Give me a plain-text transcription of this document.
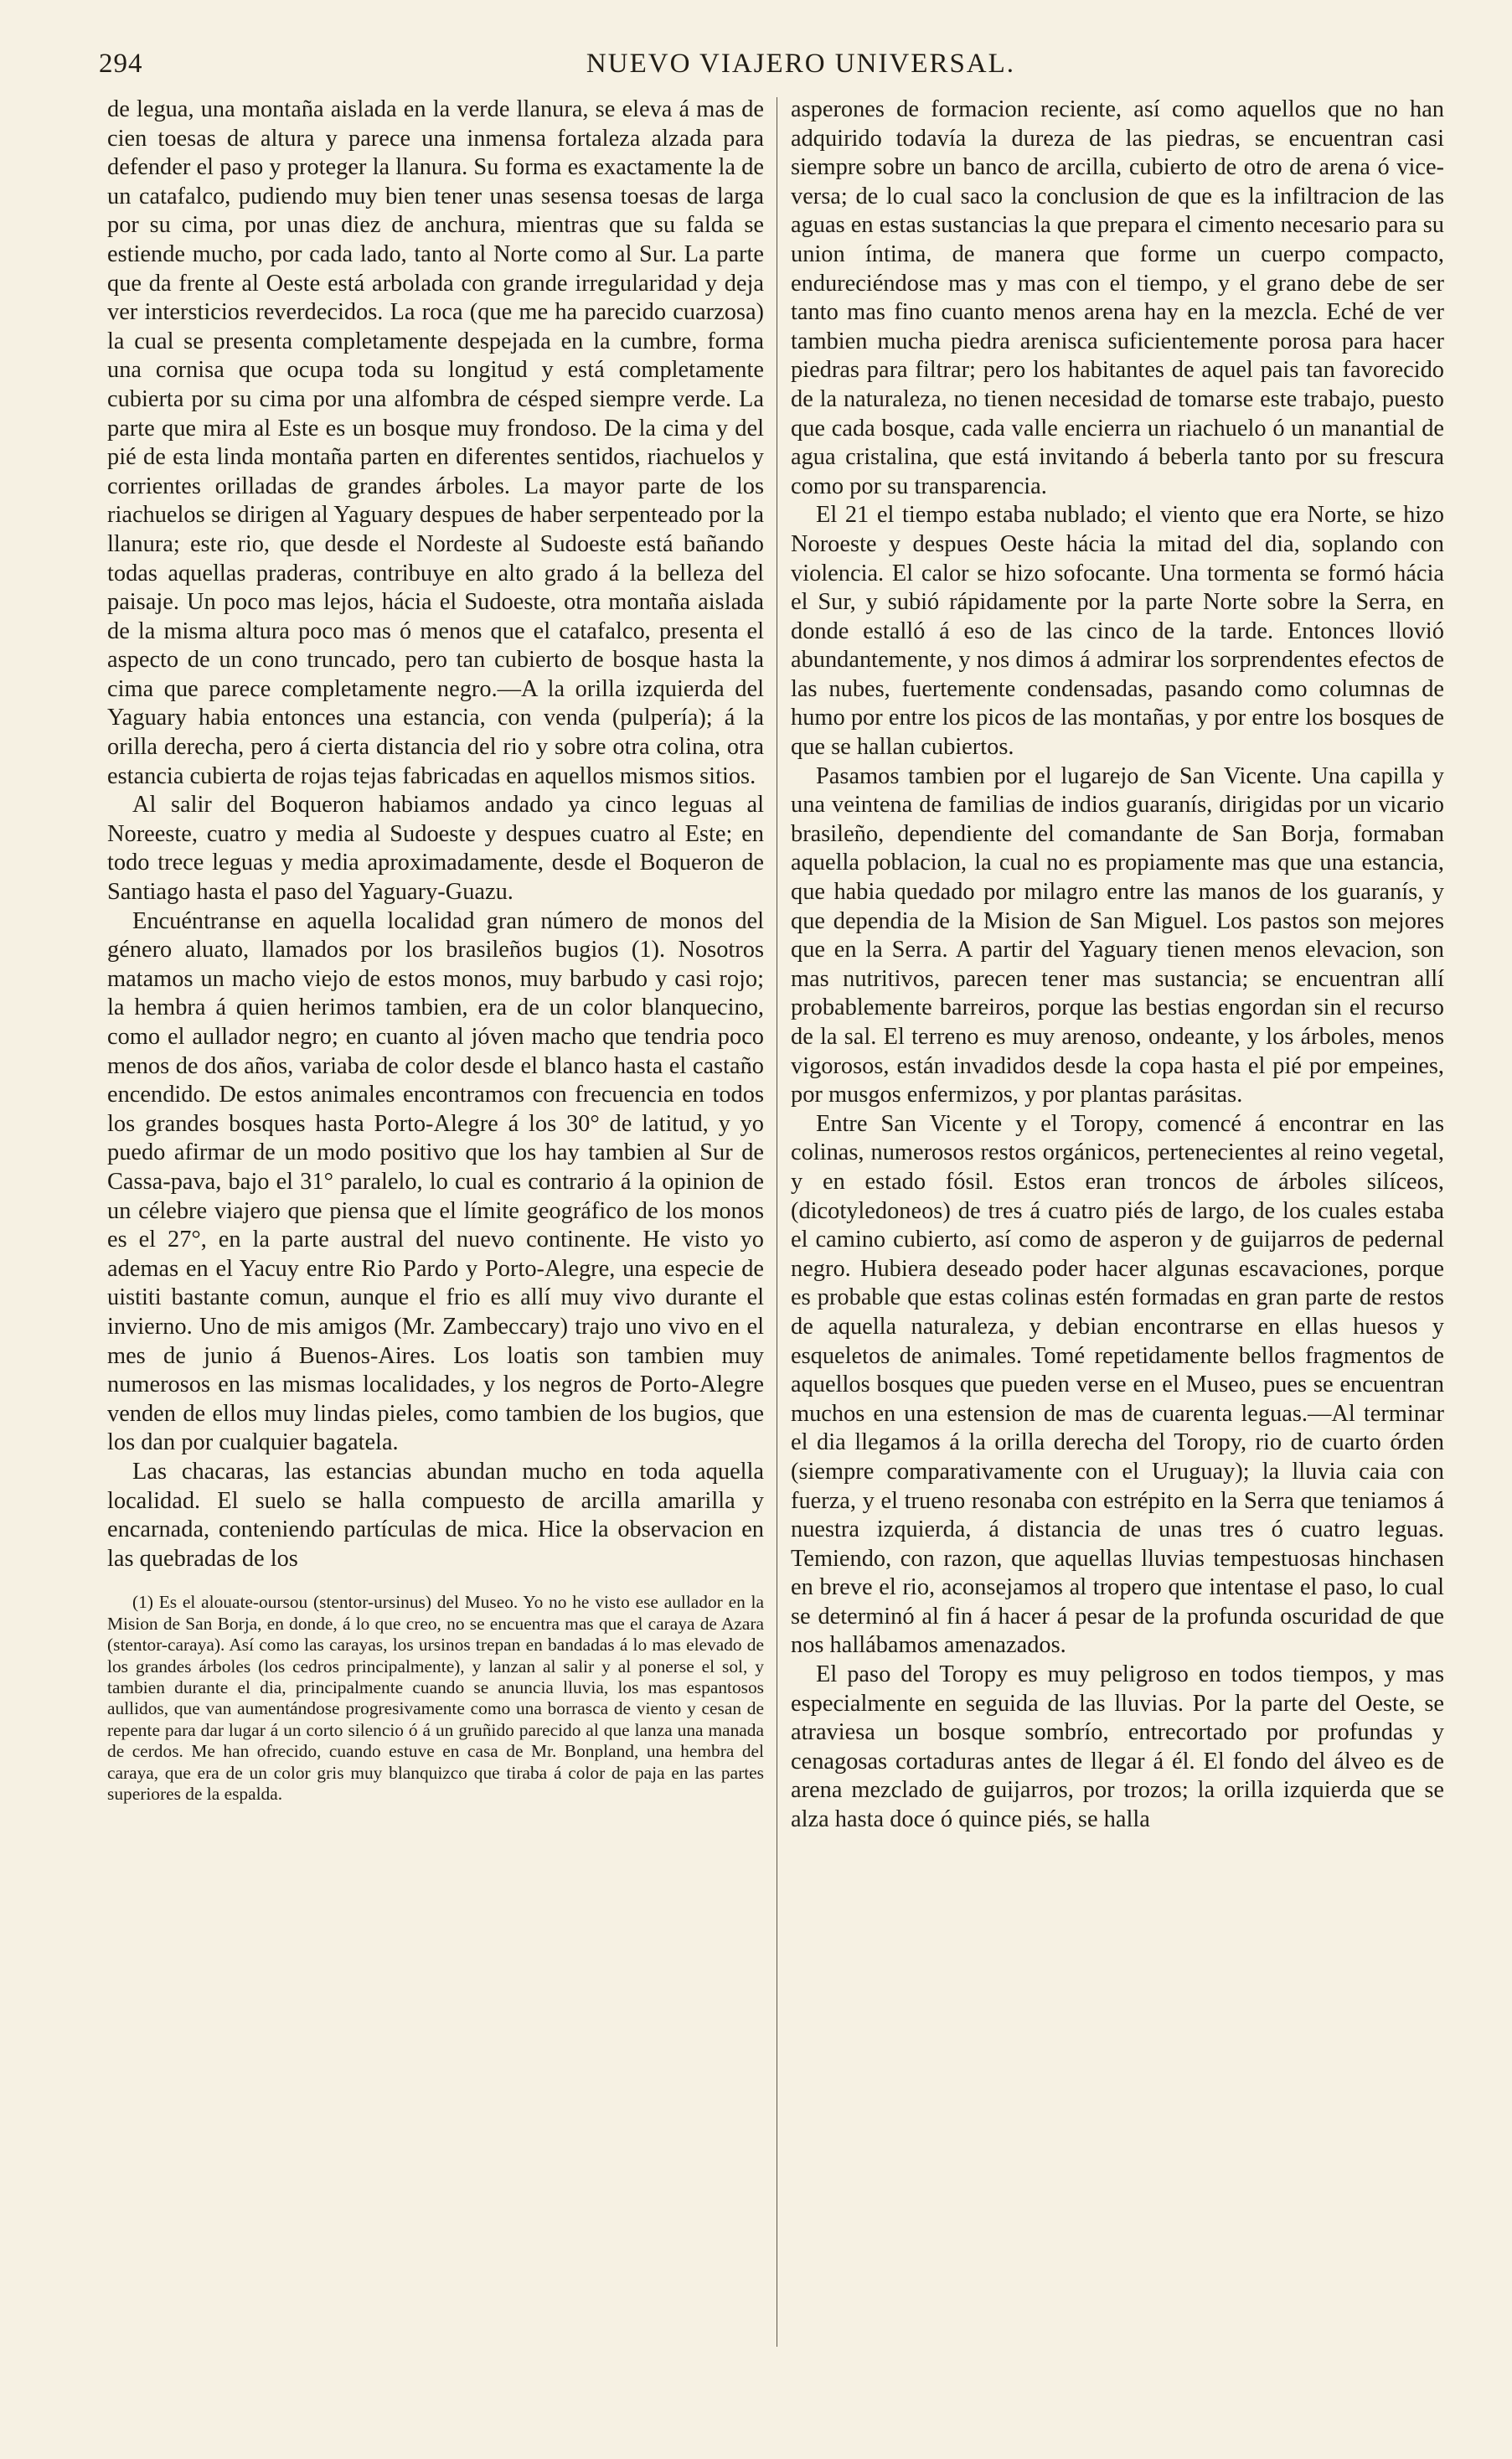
294	NUEVO VIAJERO UNIVERSAL.

de legua, una montaña aislada en la verde llanura, se eleva á mas de cien toesas de altura y parece una inmensa fortaleza alzada para defender el paso y proteger la llanura. Su forma es exactamente la de un catafalco, pudiendo muy bien tener unas sesensa toesas de larga por su cima, por unas diez de anchura, mientras que su falda se estiende mucho, por cada lado, tanto al Norte como al Sur. La parte que da frente al Oeste está arbolada con grande irregularidad y deja ver intersticios reverdecidos. La roca (que me ha parecido cuarzosa) la cual se presenta completamente despejada en la cumbre, forma una cornisa que ocupa toda su longitud y está completamente cubierta por su cima por una alfombra de césped siempre verde. La parte que mira al Este es un bosque muy frondoso. De la cima y del pié de esta linda montaña parten en diferentes sentidos, riachuelos y corrientes orilladas de grandes árboles. La mayor parte de los riachuelos se dirigen al Yaguary despues de haber serpenteado por la llanura; este rio, que desde el Nordeste al Sudoeste está bañando todas aquellas praderas, contribuye en alto grado á la belleza del paisaje. Un poco mas lejos, hácia el Sudoeste, otra montaña aislada de la misma altura poco mas ó menos que el catafalco, presenta el aspecto de un cono truncado, pero tan cubierto de bosque hasta la cima que parece completamente negro.—A la orilla izquierda del Yaguary habia entonces una estancia, con venda (pulpería); á la orilla derecha, pero á cierta distancia del rio y sobre otra colina, otra estancia cubierta de rojas tejas fabricadas en aquellos mismos sitios.

Al salir del Boqueron habiamos andado ya cinco leguas al Noreeste, cuatro y media al Sudoeste y despues cuatro al Este; en todo trece leguas y media aproximadamente, desde el Boqueron de Santiago hasta el paso del Yaguary-Guazu.

Encuéntranse en aquella localidad gran número de monos del género aluato, llamados por los brasileños bugios (1). Nosotros matamos un macho viejo de estos monos, muy barbudo y casi rojo; la hembra á quien herimos tambien, era de un color blanquecino, como el aullador negro; en cuanto al jóven macho que tendria poco menos de dos años, variaba de color desde el blanco hasta el castaño encendido. De estos animales encontramos con frecuencia en todos los grandes bosques hasta Porto-Alegre á los 30° de latitud, y yo puedo afirmar de un modo positivo que los hay tambien al Sur de Cassa-pava, bajo el 31° paralelo, lo cual es contrario á la opinion de un célebre viajero que piensa que el límite geográfico de los monos es el 27°, en la parte austral del nuevo continente. He visto yo ademas en el Yacuy entre Rio Pardo y Porto-Alegre, una especie de uistiti bastante comun, aunque el frio es allí muy vivo durante el invierno. Uno de mis amigos (Mr. Zambeccary) trajo uno vivo en el mes de junio á Buenos-Aires. Los loatis son tambien muy numerosos en las mismas localidades, y los negros de Porto-Alegre venden de ellos muy lindas pieles, como tambien de los bugios, que los dan por cualquier bagatela.

Las chacaras, las estancias abundan mucho en toda aquella localidad. El suelo se halla compuesto de arcilla amarilla y encarnada, conteniendo partículas de mica. Hice la observacion en las quebradas de los

(1) Es el alouate-oursou (stentor-ursinus) del Museo. Yo no he visto ese aullador en la Mision de San Borja, en donde, á lo que creo, no se encuentra mas que el caraya de Azara (stentor-caraya). Así como las carayas, los ursinos trepan en bandadas á lo mas elevado de los grandes árboles (los cedros principalmente), y lanzan al salir y al ponerse el sol, y tambien durante el dia, principalmente cuando se anuncia lluvia, los mas espantosos aullidos, que van aumentándose progresivamente como una borrasca de viento y cesan de repente para dar lugar á un corto silencio ó á un gruñido parecido al que lanza una manada de cerdos. Me han ofrecido, cuando estuve en casa de Mr. Bonpland, una hembra del caraya, que era de un color gris muy blanquizco que tiraba á color de paja en las partes superiores de la espalda.

asperones de formacion reciente, así como aquellos que no han adquirido todavía la dureza de las piedras, se encuentran casi siempre sobre un banco de arcilla, cubierto de otro de arena ó vice-versa; de lo cual saco la conclusion de que es la infiltracion de las aguas en estas sustancias la que prepara el cimento necesario para su union íntima, de manera que forme un cuerpo compacto, endureciéndose mas y mas con el tiempo, y el grano debe de ser tanto mas fino cuanto menos arena hay en la mezcla. Eché de ver tambien mucha piedra arenisca suficientemente porosa para hacer piedras para filtrar; pero los habitantes de aquel pais tan favorecido de la naturaleza, no tienen necesidad de tomarse este trabajo, puesto que cada bosque, cada valle encierra un riachuelo ó un manantial de agua cristalina, que está invitando á beberla tanto por su frescura como por su transparencia.

El 21 el tiempo estaba nublado; el viento que era Norte, se hizo Noroeste y despues Oeste hácia la mitad del dia, soplando con violencia. El calor se hizo sofocante. Una tormenta se formó hácia el Sur, y subió rápidamente por la parte Norte sobre la Serra, en donde estalló á eso de las cinco de la tarde. Entonces llovió abundantemente, y nos dimos á admirar los sorprendentes efectos de las nubes, fuertemente condensadas, pasando como columnas de humo por entre los picos de las montañas, y por entre los bosques de que se hallan cubiertos.

Pasamos tambien por el lugarejo de San Vicente. Una capilla y una veintena de familias de indios guaranís, dirigidas por un vicario brasileño, dependiente del comandante de San Borja, formaban aquella poblacion, la cual no es propiamente mas que una estancia, que habia quedado por milagro entre las manos de los guaranís, y que dependia de la Mision de San Miguel. Los pastos son mejores que en la Serra. A partir del Yaguary tienen menos elevacion, son mas nutritivos, parecen tener mas sustancia; se encuentran allí probablemente barreiros, porque las bestias engordan sin el recurso de la sal. El terreno es muy arenoso, ondeante, y los árboles, menos vigorosos, están invadidos desde la copa hasta el pié por empeines, por musgos enfermizos, y por plantas parásitas.

Entre San Vicente y el Toropy, comencé á encontrar en las colinas, numerosos restos orgánicos, pertenecientes al reino vegetal, y en estado fósil. Estos eran troncos de árboles silíceos, (dicotyledoneos) de tres á cuatro piés de largo, de los cuales estaba el camino cubierto, así como de asperon y de guijarros de pedernal negro. Hubiera deseado poder hacer algunas escavaciones, porque es probable que estas colinas estén formadas en gran parte de restos de aquella naturaleza, y debian encontrarse en ellas huesos y esqueletos de animales. Tomé repetidamente bellos fragmentos de aquellos bosques que pueden verse en el Museo, pues se encuentran muchos en una estension de mas de cuarenta leguas.—Al terminar el dia llegamos á la orilla derecha del Toropy, rio de cuarto órden (siempre comparativamente con el Uruguay); la lluvia caia con fuerza, y el trueno resonaba con estrépito en la Serra que teniamos á nuestra izquierda, á distancia de unas tres ó cuatro leguas. Temiendo, con razon, que aquellas lluvias tempestuosas hinchasen en breve el rio, aconsejamos al tropero que intentase el paso, lo cual se determinó al fin á hacer á pesar de la profunda oscuridad de que nos hallábamos amenazados.

El paso del Toropy es muy peligroso en todos tiempos, y mas especialmente en seguida de las lluvias. Por la parte del Oeste, se atraviesa un bosque sombrío, entrecortado por profundas y cenagosas cortaduras antes de llegar á él. El fondo del álveo es de arena mezclado de guijarros, por trozos; la orilla izquierda que se alza hasta doce ó quince piés, se halla
